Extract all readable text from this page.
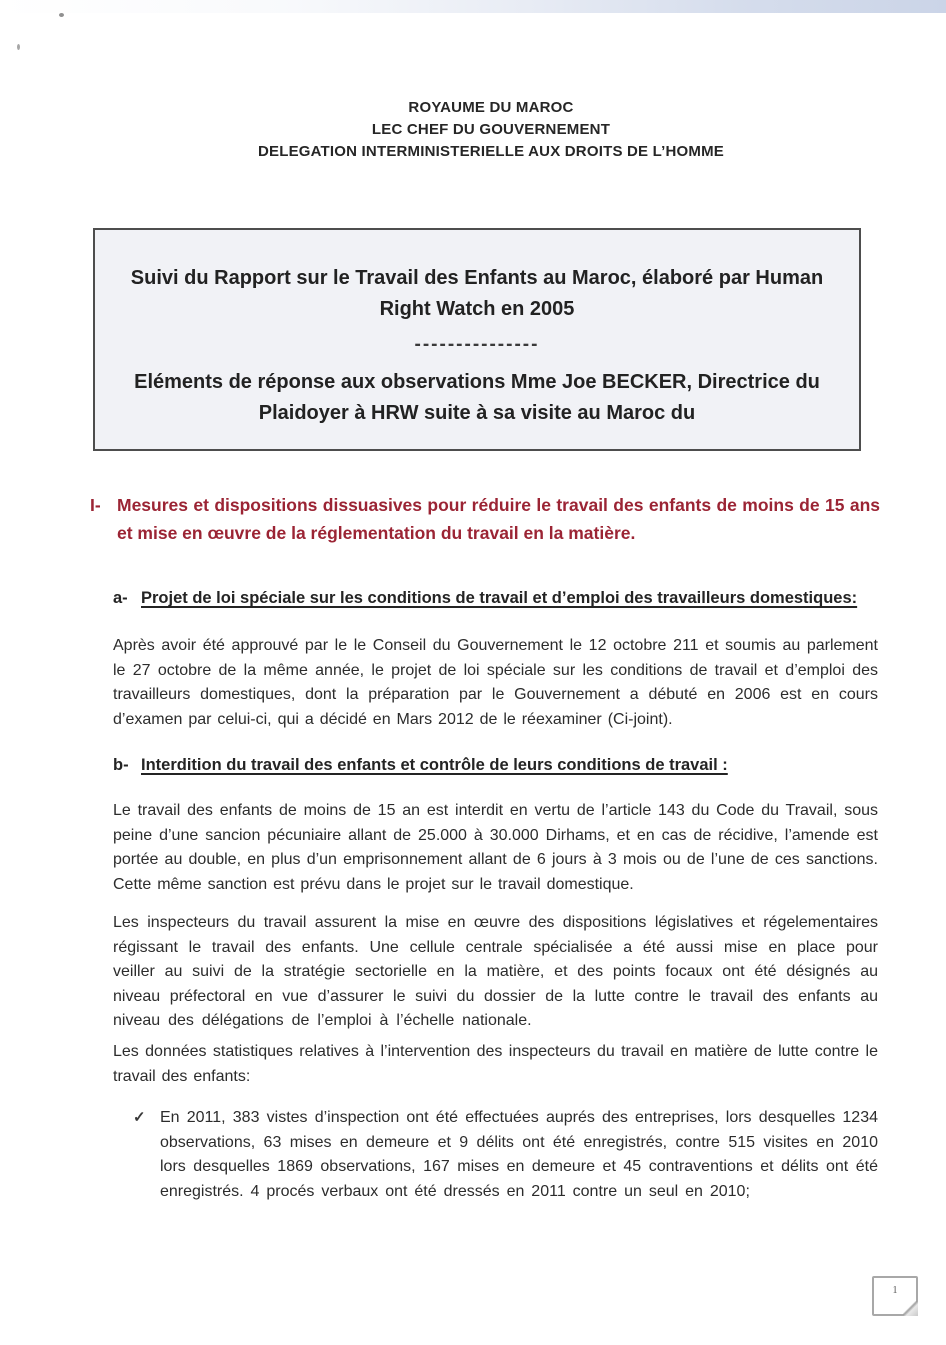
ROYAUME DU MAROC
LEC CHEF DU GOUVERNEMENT
DELEGATION INTERMINISTERIELLE AUX DROITS DE L’HOMME

Suivi du Rapport sur le Travail des Enfants au Maroc, élaboré par Human Right Watch en 2005

---------------

Eléments de réponse aux observations Mme Joe BECKER, Directrice du Plaidoyer à HRW suite à sa visite au Maroc du

I- Mesures et dispositions dissuasives pour réduire le travail des enfants de moins de 15 ans et mise en œuvre de la réglementation du travail en la matière.
a- Projet de loi spéciale sur les conditions de travail et d’emploi des travailleurs domestiques:

Après avoir été approuvé par le le Conseil du Gouvernement le 12 octobre 211 et soumis au parlement le 27 octobre de la même année, le projet de loi spéciale sur les conditions de travail et d’emploi des travailleurs domestiques, dont la préparation par le Gouvernement a débuté en 2006 est en cours d’examen par celui-ci, qui a décidé en Mars 2012 de le réexaminer (Ci-joint).

b- Interdition du travail des enfants et contrôle de leurs conditions de travail :

Le travail des enfants de moins de 15 an est interdit en vertu de l’article 143 du Code du Travail, sous peine d’une sancion pécuniaire allant de 25.000 à 30.000 Dirhams, et en cas de récidive, l’amende est portée au double, en plus d’un emprisonnement allant de 6 jours à 3 mois ou de l’une de ces sanctions. Cette même sanction est prévu dans le projet sur le travail domestique.

Les inspecteurs du travail assurent la mise en œuvre des dispositions législatives et régelementaires régissant le travail des enfants. Une cellule centrale spécialisée a été aussi mise en place pour veiller au suivi de la stratégie sectorielle en la matière, et des points focaux ont été désignés au niveau préfectoral en vue d’assurer le suivi du dossier de la lutte contre le travail des enfants au niveau des délégations de l’emploi à l’échelle nationale.

Les données statistiques relatives à l’intervention des inspecteurs du travail en matière de lutte contre le travail des enfants:

✓ En 2011, 383 vistes d’inspection ont été effectuées auprés des entreprises, lors desquelles 1234 observations, 63 mises en demeure et 9 délits ont été enregistrés, contre 515 visites en 2010 lors desquelles 1869 observations, 167 mises en demeure et 45 contraventions et délits ont été enregistrés. 4 procés verbaux ont été dressés en 2011 contre un seul en 2010;

1
